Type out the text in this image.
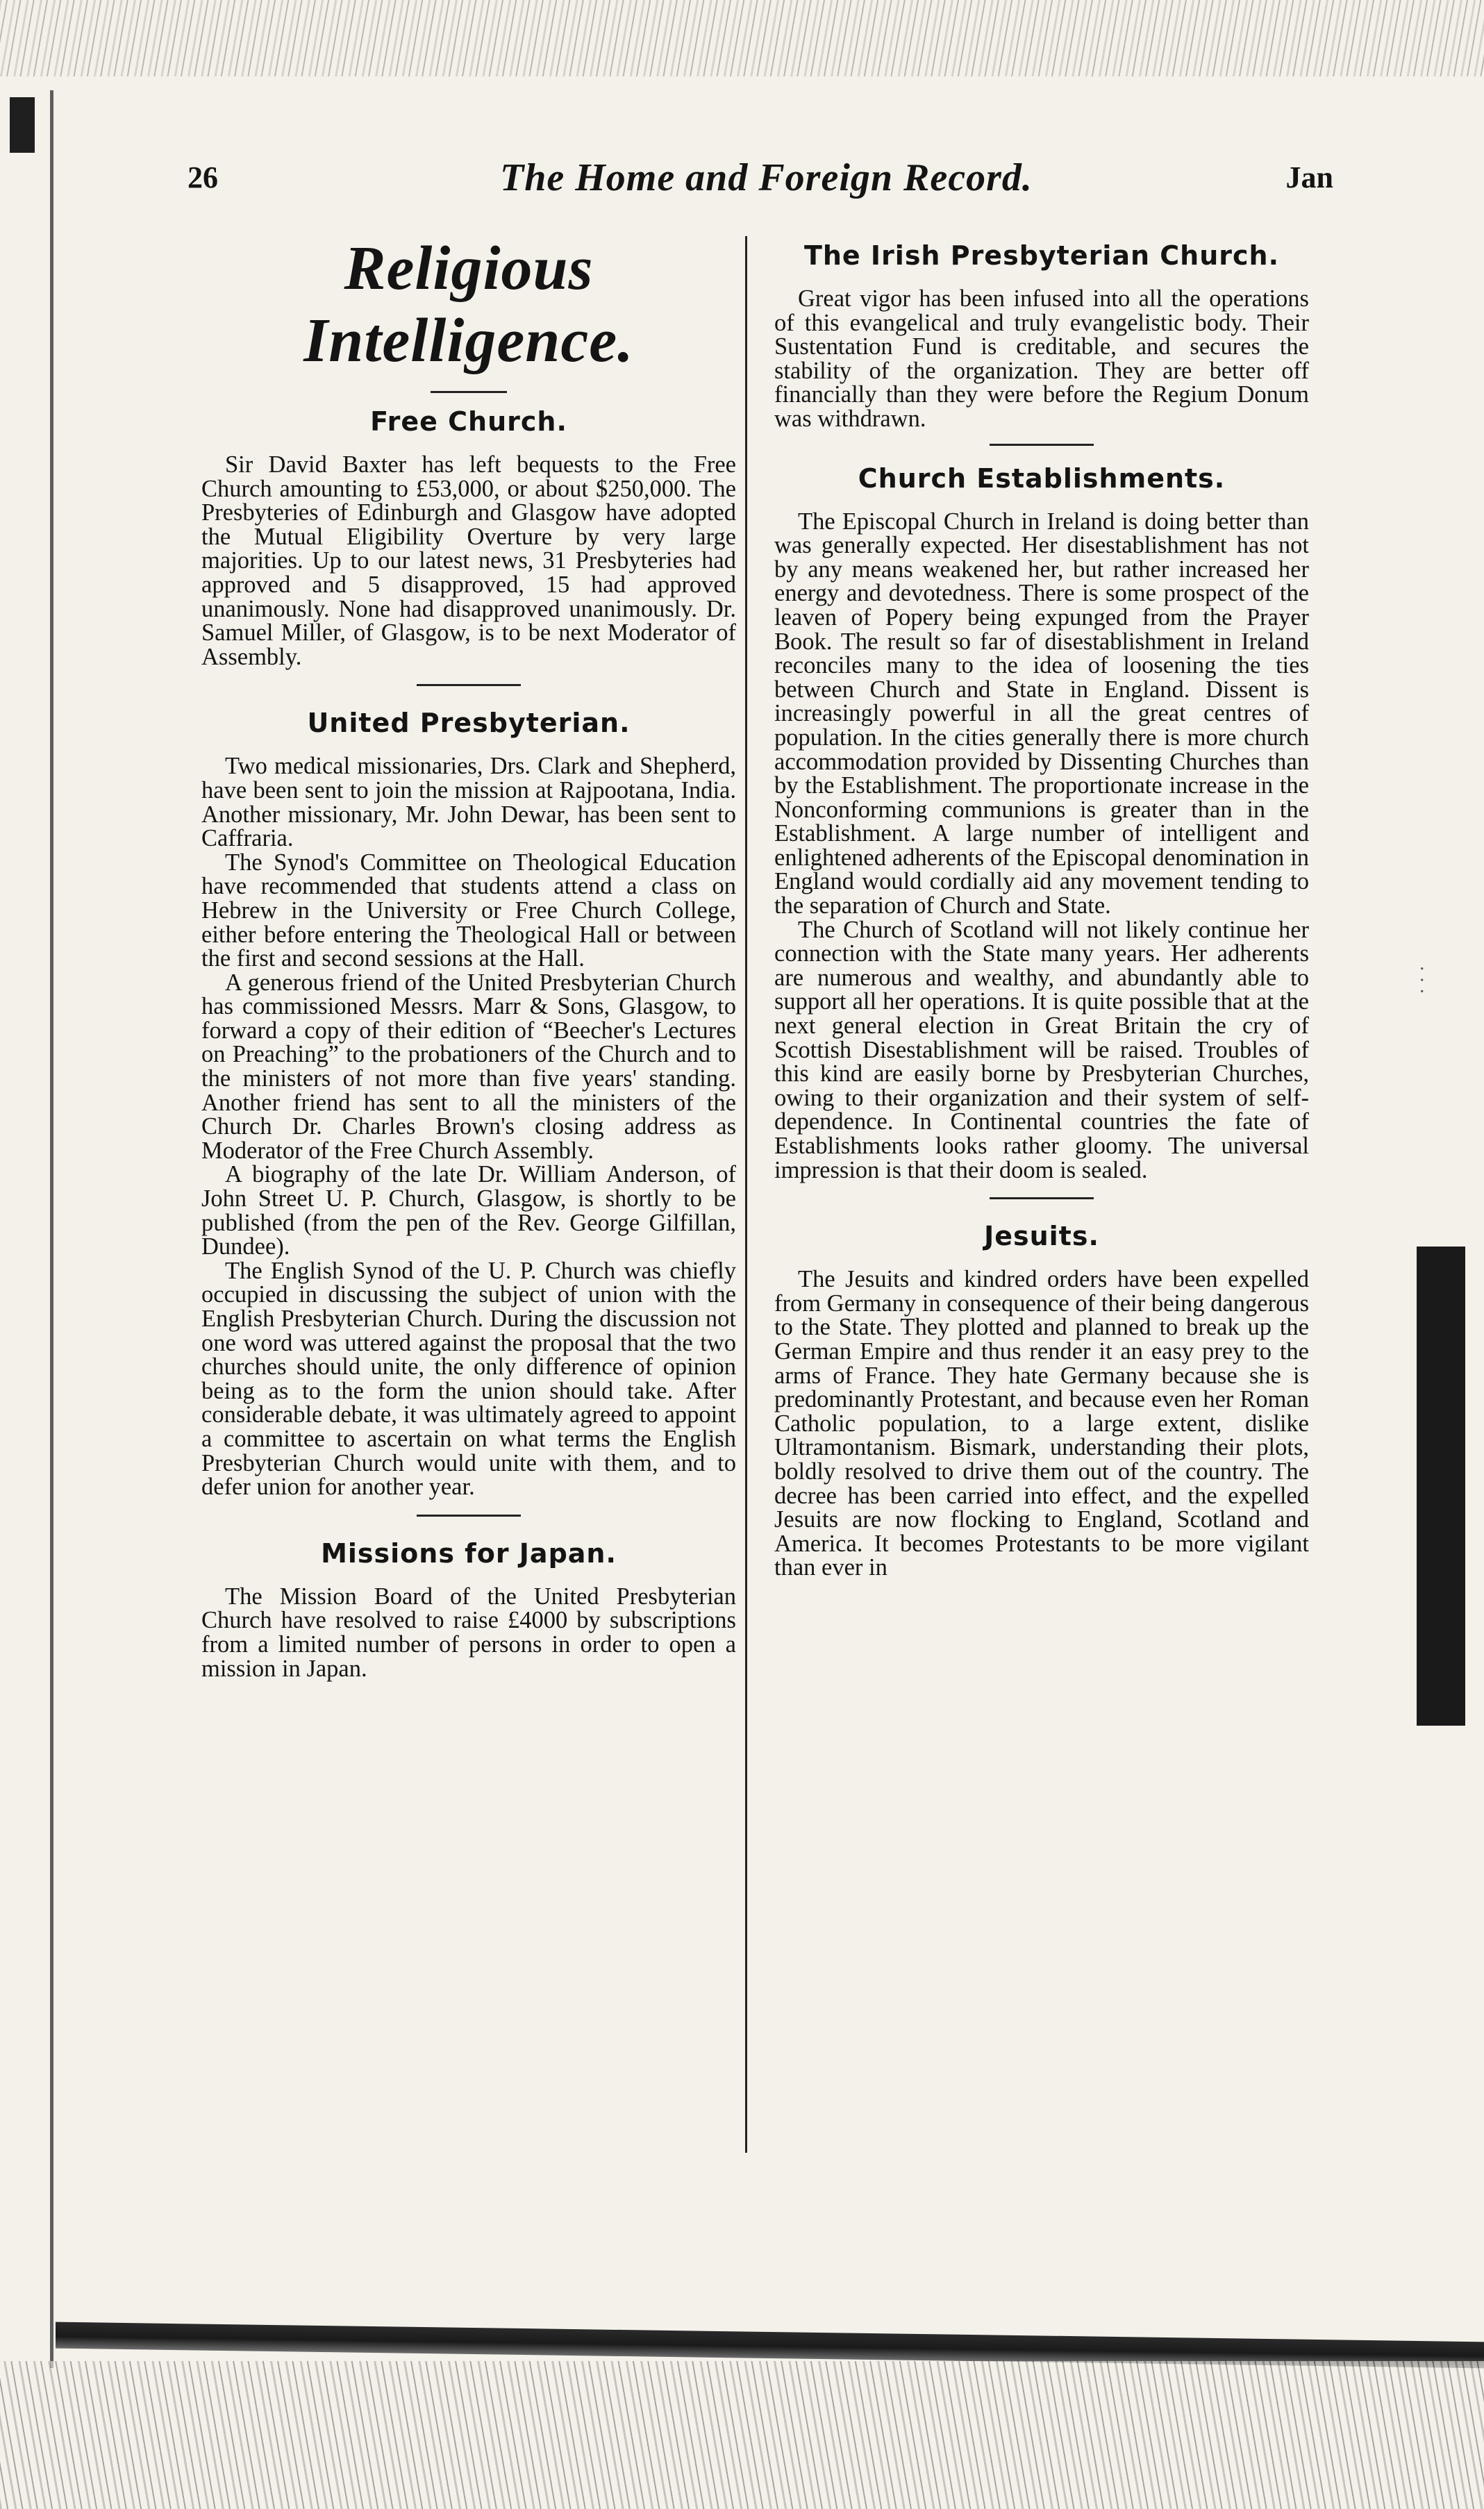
26	The Home and Foreign Record.	Jan
Religious Intelligence.
Free Church.

Sir David Baxter has left bequests to the Free Church amounting to £53,000, or about $250,000. The Presbyteries of Edinburgh and Glasgow have adopted the Mutual Eligibility Overture by very large majorities. Up to our latest news, 31 Presbyteries had approved and 5 disapproved, 15 had approved unanimously. None had disapproved unanimously. Dr. Samuel Miller, of Glasgow, is to be next Moderator of Assembly.

United Presbyterian.

Two medical missionaries, Drs. Clark and Shepherd, have been sent to join the mission at Rajpootana, India. Another missionary, Mr. John Dewar, has been sent to Caffraria.

The Synod's Committee on Theological Education have recommended that students attend a class on Hebrew in the University or Free Church College, either before entering the Theological Hall or between the first and second sessions at the Hall.

A generous friend of the United Presbyterian Church has commissioned Messrs. Marr & Sons, Glasgow, to forward a copy of their edition of “Beecher's Lectures on Preaching” to the probationers of the Church and to the ministers of not more than five years' standing. Another friend has sent to all the ministers of the Church Dr. Charles Brown's closing address as Moderator of the Free Church Assembly.

A biography of the late Dr. William Anderson, of John Street U. P. Church, Glasgow, is shortly to be published (from the pen of the Rev. George Gilfillan, Dundee).

The English Synod of the U. P. Church was chiefly occupied in discussing the subject of union with the English Presbyterian Church. During the discussion not one word was uttered against the proposal that the two churches should unite, the only difference of opinion being as to the form the union should take. After considerable debate, it was ultimately agreed to appoint a committee to ascertain on what terms the English Presbyterian Church would unite with them, and to defer union for another year.

Missions for Japan.

The Mission Board of the United Presbyterian Church have resolved to raise £4000 by subscriptions from a limited number of persons in order to open a mission in Japan.

The Irish Presbyterian Church.

Great vigor has been infused into all the operations of this evangelical and truly evangelistic body. Their Sustentation Fund is creditable, and secures the stability of the organization. They are better off financially than they were before the Regium Donum was withdrawn.

Church Establishments.

The Episcopal Church in Ireland is doing better than was generally expected. Her disestablishment has not by any means weakened her, but rather increased her energy and devotedness. There is some prospect of the leaven of Popery being expunged from the Prayer Book. The result so far of disestablishment in Ireland reconciles many to the idea of loosening the ties between Church and State in England. Dissent is increasingly powerful in all the great centres of population. In the cities generally there is more church accommodation provided by Dissenting Churches than by the Establishment. The proportionate increase in the Nonconforming communions is greater than in the Establishment. A large number of intelligent and enlightened adherents of the Episcopal denomination in England would cordially aid any movement tending to the separation of Church and State.

The Church of Scotland will not likely continue her connection with the State many years. Her adherents are numerous and wealthy, and abundantly able to support all her operations. It is quite possible that at the next general election in Great Britain the cry of Scottish Disestablishment will be raised. Troubles of this kind are easily borne by Presbyterian Churches, owing to their organization and their system of self-dependence. In Continental countries the fate of Establishments looks rather gloomy. The universal impression is that their doom is sealed.

Jesuits.

The Jesuits and kindred orders have been expelled from Germany in consequence of their being dangerous to the State. They plotted and planned to break up the German Empire and thus render it an easy prey to the arms of France. They hate Germany because she is predominantly Protestant, and because even her Roman Catholic population, to a large extent, dislike Ultramontanism. Bismark, understanding their plots, boldly resolved to drive them out of the country. The decree has been carried into effect, and the expelled Jesuits are now flocking to England, Scotland and America. It becomes Protestants to be more vigilant than ever in

· · ·
